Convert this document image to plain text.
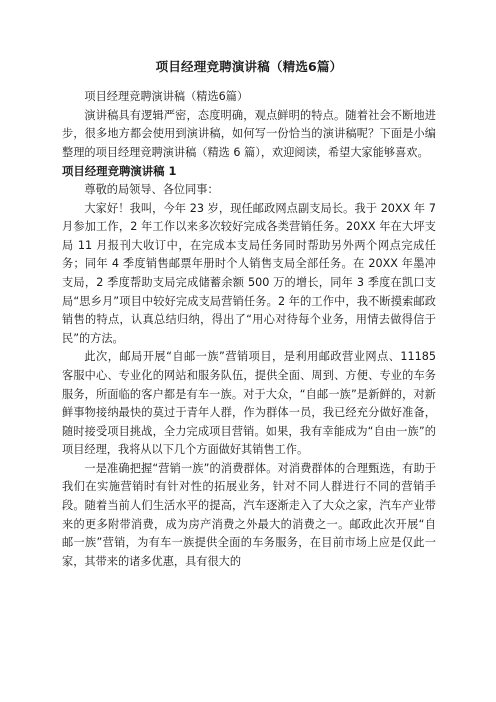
项目经理竞聘演讲稿（精选6篇）

项目经理竞聘演讲稿（精选6篇）

演讲稿具有逻辑严密，态度明确，观点鲜明的特点。随着社会不断地进步，很多地方都会使用到演讲稿，如何写一份恰当的演讲稿呢？下面是小编整理的项目经理竞聘演讲稿（精选 6 篇），欢迎阅读，希望大家能够喜欢。

项目经理竞聘演讲稿 1

尊敬的局领导、各位同事：

大家好！我叫，今年 23 岁，现任邮政网点副支局长。我于 20XX 年 7 月参加工作，2 年工作以来多次较好完成各类营销任务。20XX 年在大坪支局 11 月报刊大收订中，在完成本支局任务同时帮助另外两个网点完成任务；同年 4 季度销售邮票年册时个人销售支局全部任务。在 20XX 年墨冲支局，2 季度帮助支局完成储蓄余额 500 万的增长，同年 3 季度在凯口支局“思乡月”项目中较好完成支局营销任务。2 年的工作中，我不断摸索邮政销售的特点，认真总结归纳，得出了“用心对待每个业务，用情去做得信于民”的方法。

此次，邮局开展“自邮一族”营销项目，是利用邮政营业网点、11185 客服中心、专业化的网站和服务队伍，提供全面、周到、方便、专业的车务服务，所面临的客户都是有车一族。对于大众，“自邮一族”是新鲜的，对新鲜事物接纳最快的莫过于青年人群，作为群体一员，我已经充分做好准备，随时接受项目挑战，全力完成项目营销。如果，我有幸能成为“自由一族”的项目经理，我将从以下几个方面做好其销售工作。

一是准确把握“营销一族”的消费群体。对消费群体的合理甄选，有助于我们在实施营销时有针对性的拓展业务，针对不同人群进行不同的营销手段。随着当前人们生活水平的提高，汽车逐渐走入了大众之家，汽车产业带来的更多附带消费，成为房产消费之外最大的消费之一。邮政此次开展“自邮一族”营销，为有车一族提供全面的车务服务，在目前市场上应是仅此一家，其带来的诸多优惠，具有很大的
